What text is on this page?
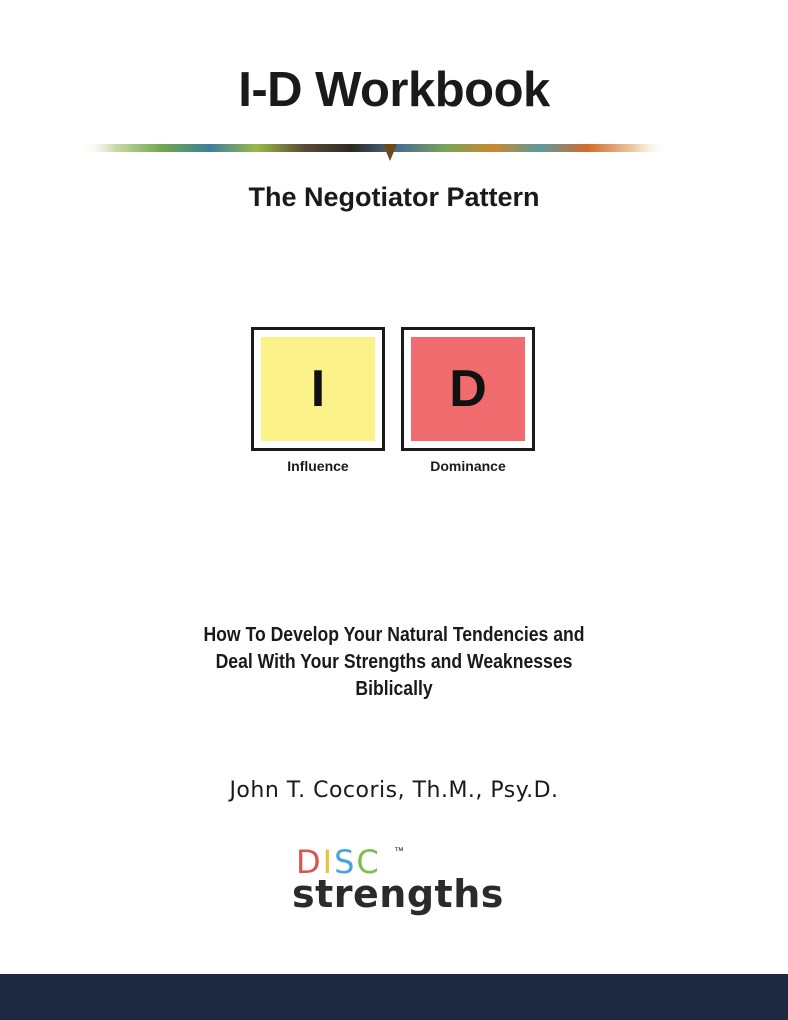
I-D Workbook
The Negotiator Pattern
I	D
Influence	Dominance
How To Develop Your Natural Tendencies and
Deal With Your Strengths and Weaknesses
Biblically
John T. Cocoris, Th.M., Psy.D.
DISC ™
strengths
